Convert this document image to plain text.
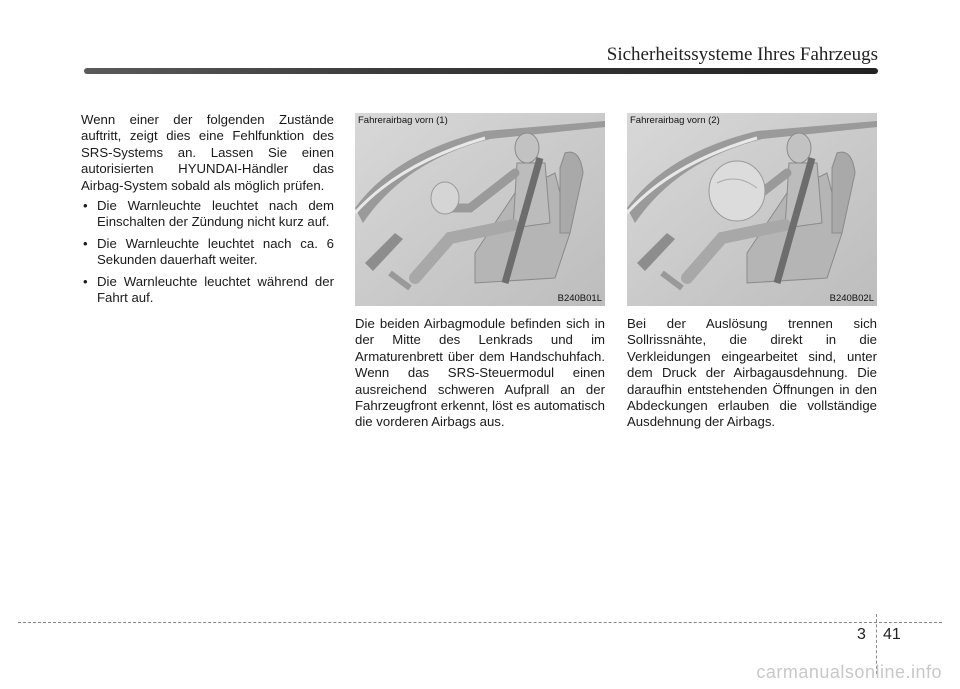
Sicherheitssysteme Ihres Fahrzeugs

Wenn einer der folgenden Zustände auftritt, zeigt dies eine Fehlfunktion des SRS-Systems an. Lassen Sie einen autorisierten HYUNDAI-Händler das Airbag-System sobald als möglich prüfen.

• Die Warnleuchte leuchtet nach dem Einschalten der Zündung nicht kurz auf.
• Die Warnleuchte leuchtet nach ca. 6 Sekunden dauerhaft weiter.
• Die Warnleuchte leuchtet während der Fahrt auf.
Fahrerairbag vorn (1)
B240B01L
Fahrerairbag vorn (2)
B240B02L
Die beiden Airbagmodule befinden sich in der Mitte des Lenkrads und im Armaturenbrett über dem Handschuhfach. Wenn das SRS-Steuermodul einen ausreichend schweren Aufprall an der Fahrzeugfront erkennt, löst es automatisch die vorderen Airbags aus.
Bei der Auslösung trennen sich Sollrissnähte, die direkt in die Verkleidungen eingearbeitet sind, unter dem Druck der Airbagausdehnung. Die daraufhin entstehenden Öffnungen in den Abdeckungen erlauben die vollständige Ausdehnung der Airbags.
3 41
carmanualsonline.info
